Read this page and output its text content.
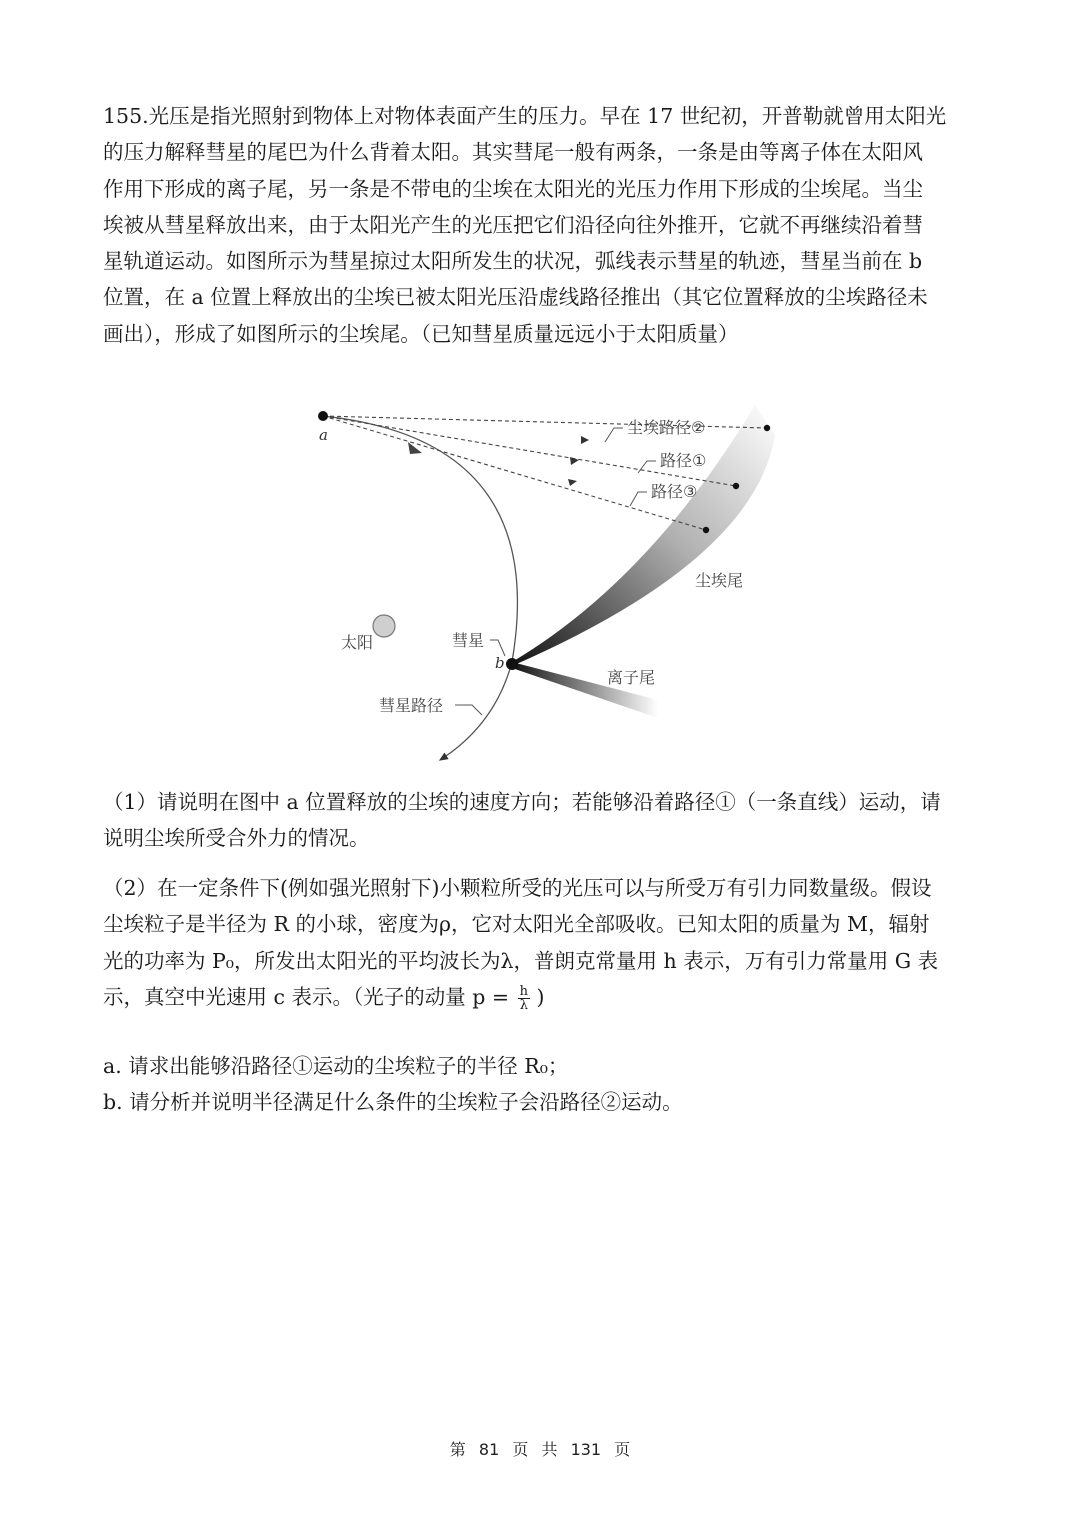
155.光压是指光照射到物体上对物体表面产生的压力。早在 17 世纪初，开普勒就曾用太阳光
的压力解释彗星的尾巴为什么背着太阳。其实彗尾一般有两条，一条是由等离子体在太阳风
作用下形成的离子尾，另一条是不带电的尘埃在太阳光的光压力作用下形成的尘埃尾。当尘
埃被从彗星释放出来，由于太阳光产生的光压把它们沿径向往外推开，它就不再继续沿着彗
星轨道运动。如图所示为彗星掠过太阳所发生的状况，弧线表示彗星的轨迹，彗星当前在 b
位置，在 a 位置上释放出的尘埃已被太阳光压沿虚线路径推出（其它位置释放的尘埃路径未
画出），形成了如图所示的尘埃尾。（已知彗星质量远远小于太阳质量）
a
太阳
b
彗星
彗星路径
尘埃路径②
路径①
路径③
尘埃尾
离子尾
（1）请说明在图中 a 位置释放的尘埃的速度方向；若能够沿着路径①（一条直线）运动，请
说明尘埃所受合外力的情况。
（2）在一定条件下(例如强光照射下)小颗粒所受的光压可以与所受万有引力同数量级。假设
尘埃粒子是半径为 R 的小球，密度为ρ，它对太阳光全部吸收。已知太阳的质量为 M，辐射
光的功率为 P₀，所发出太阳光的平均波长为λ，普朗克常量用 h 表示，万有引力常量用 G 表
示，真空中光速用 c 表示。（光子的动量 $p = \frac{h}{\lambda}$ )
a. 请求出能够沿路径①运动的尘埃粒子的半径 R₀；
b. 请分析并说明半径满足什么条件的尘埃粒子会沿路径②运动。
第 81 页 共 131 页
